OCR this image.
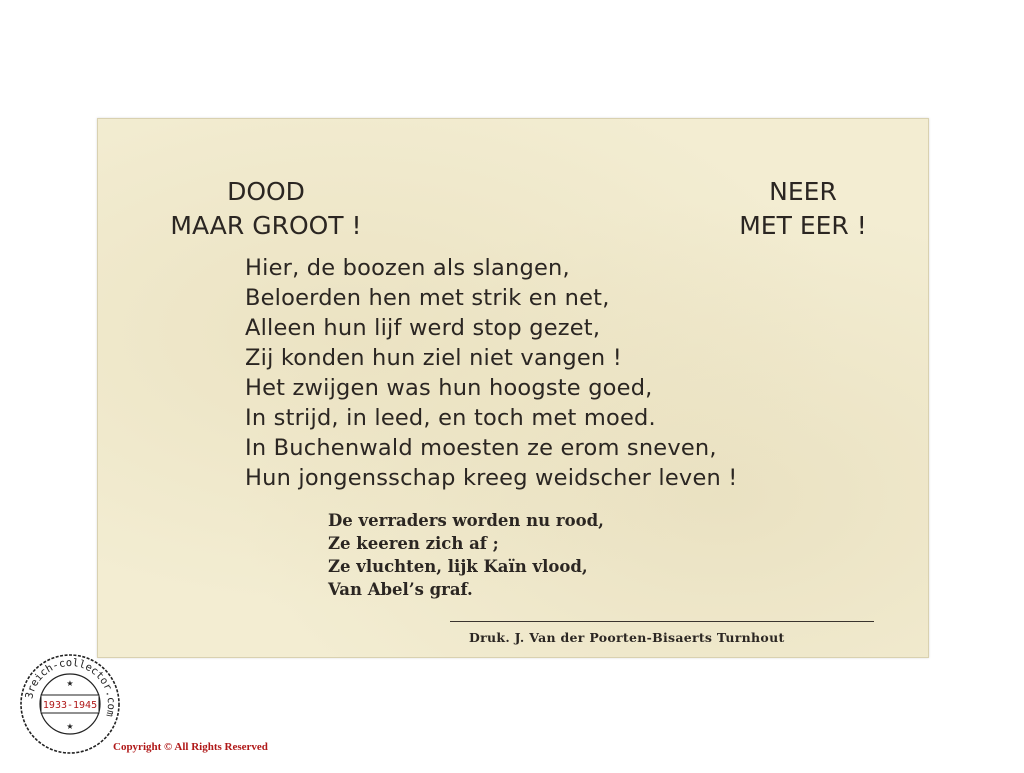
DOOD
MAAR GROOT !
NEER
MET EER !
Hier, de boozen als slangen,
Beloerden hen met strik en net,
Alleen hun lijf werd stop gezet,
Zij konden hun ziel niet vangen !
Het zwijgen was hun hoogste goed,
In strijd, in leed, en toch met moed.
In Buchenwald moesten ze erom sneven,
Hun jongensschap kreeg weidscher leven !
De verraders worden nu rood,
Ze keeren zich af ;
Ze vluchten, lijk Kaïn vlood,
Van Abel’s graf.
Druk. J. Van der Poorten-Bisaerts Turnhout
3reich-collector.com
1933-1945
★
★
Copyright © All Rights Reserved
